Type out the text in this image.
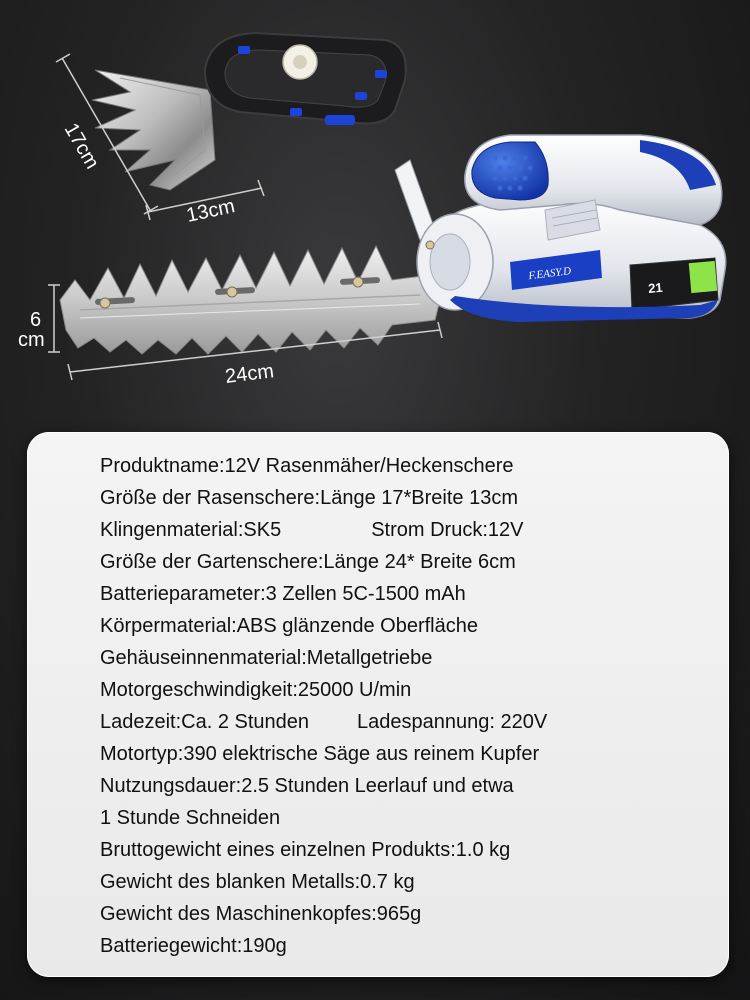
17cm
13cm
F.EASY.D
21
6
cm
24cm
Produktname:12V Rasenmäher/Heckenschere
Größe der Rasenschere:Länge 17*Breite 13cm
Klingenmaterial:SK5	Strom Druck:12V
Größe der Gartenschere:Länge 24* Breite 6cm
Batterieparameter:3 Zellen 5C-1500 mAh
Körpermaterial:ABS glänzende Oberfläche
Gehäuseinnenmaterial:Metallgetriebe
Motorgeschwindigkeit:25000 U/min
Ladezeit:Ca. 2 Stunden Ladespannung: 220V
Motortyp:390 elektrische Säge aus reinem Kupfer
Nutzungsdauer:2.5 Stunden Leerlauf und etwa
1 Stunde Schneiden
Bruttogewicht eines einzelnen Produkts:1.0 kg
Gewicht des blanken Metalls:0.7 kg
Gewicht des Maschinenkopfes:965g
Batteriegewicht:190g
